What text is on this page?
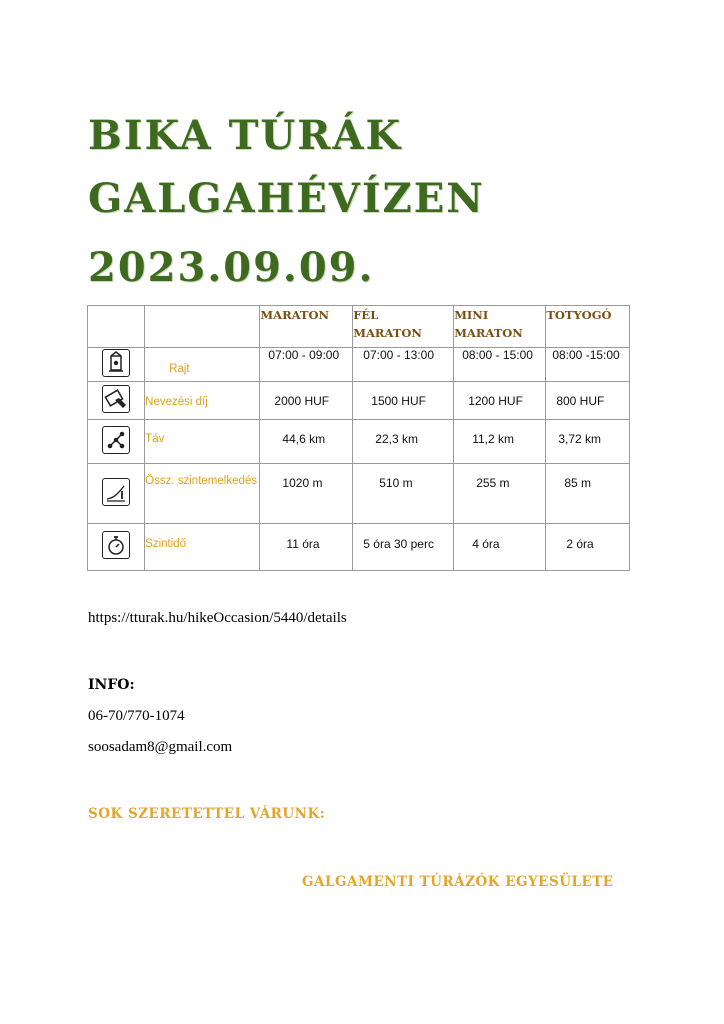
BIKA TÚRÁK
GALGAHÉVÍZEN
2023.09.09.
		MARATON	FÉL MARATON	MINI MARATON	TOTYOGÓ
	Rajt	07:00 - 09:00	07:00 - 13:00	08:00 - 15:00	08:00 -15:00
	Nevezési díj	2000 HUF	1500 HUF	1200 HUF	800 HUF
	Táv	44,6 km	22,3 km	11,2 km	3,72 km
	Össz. szintemelkedés	1020 m	510 m	255 m	85 m
	Szintidő	11 óra	5 óra 30 perc	4 óra	2 óra
https://tturak.hu/hikeOccasion/5440/details
INFO:
06-70/770-1074
soosadam8@gmail.com
SOK SZERETETTEL VÁRUNK:
GALGAMENTI TÚRÁZÓK EGYESÜLETE
